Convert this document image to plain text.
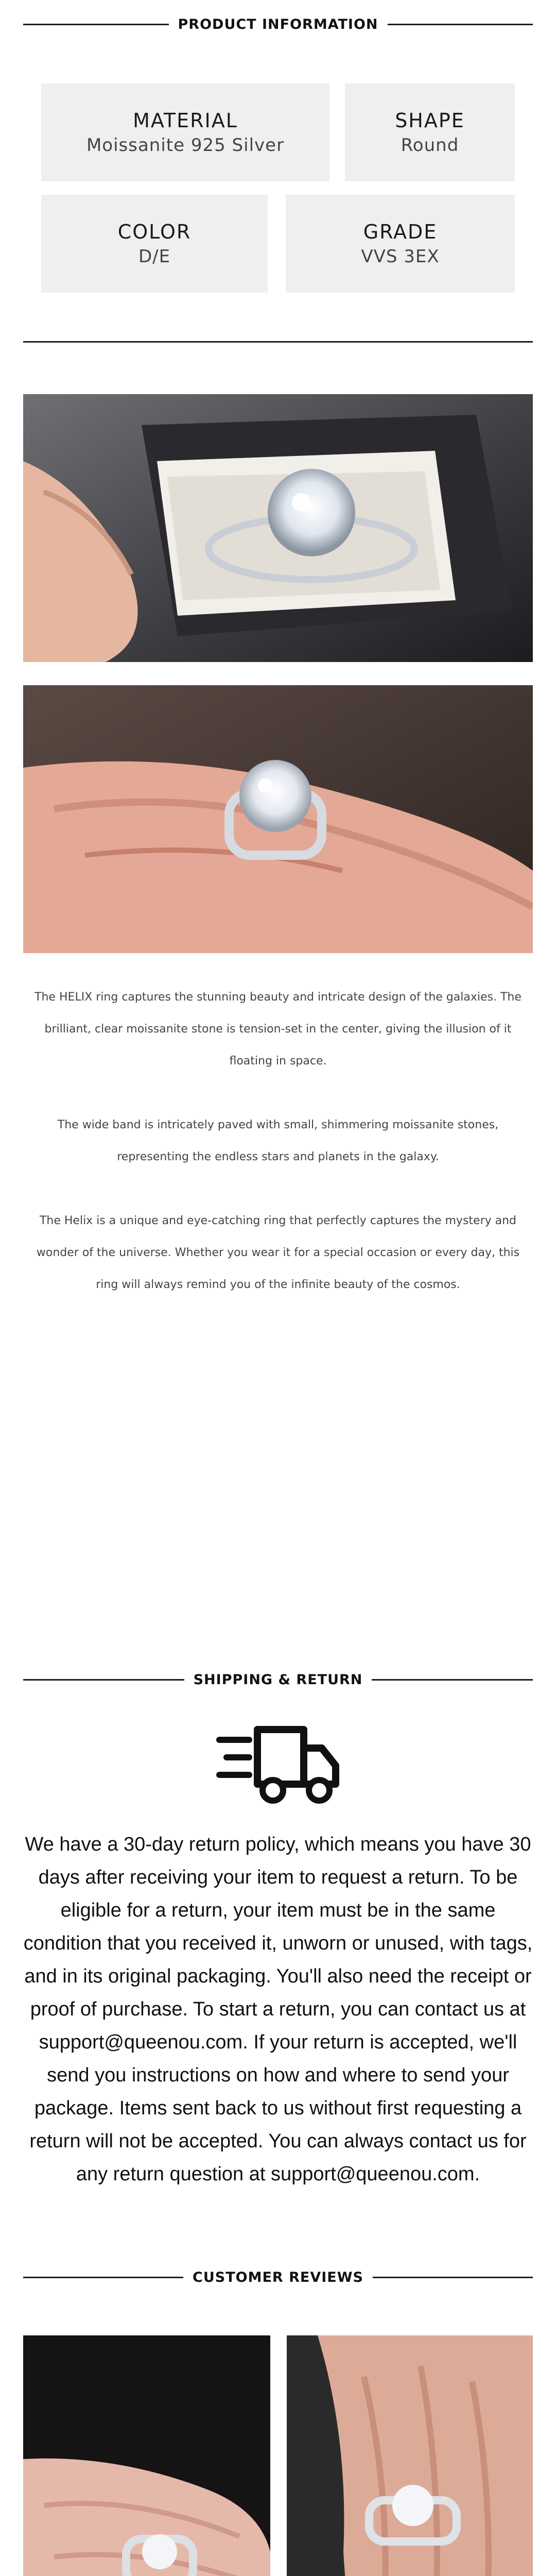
PRODUCT INFORMATION
MATERIAL
Moissanite 925 Silver
SHAPE
Round
COLOR
D/E
GRADE
VVS 3EX

The HELIX ring captures the stunning beauty and intricate design of the galaxies. The brilliant, clear moissanite stone is tension-set in the center, giving the illusion of it floating in space.

The wide band is intricately paved with small, shimmering moissanite stones, representing the endless stars and planets in the galaxy.

The Helix is a unique and eye-catching ring that perfectly captures the mystery and wonder of the universe. Whether you wear it for a special occasion or every day, this ring will always remind you of the infinite beauty of the cosmos.

SHIPPING & RETURN
We have a 30-day return policy, which means you have 30 days after receiving your item to request a return. To be eligible for a return, your item must be in the same condition that you received it, unworn or unused, with tags, and in its original packaging. You'll also need the receipt or proof of purchase. To start a return, you can contact us at support@queenou.com. If your return is accepted, we'll send you instructions on how and where to send your package. Items sent back to us without first requesting a return will not be accepted. You can always contact us for any return question at support@queenou.com.
CUSTOMER REVIEWS
